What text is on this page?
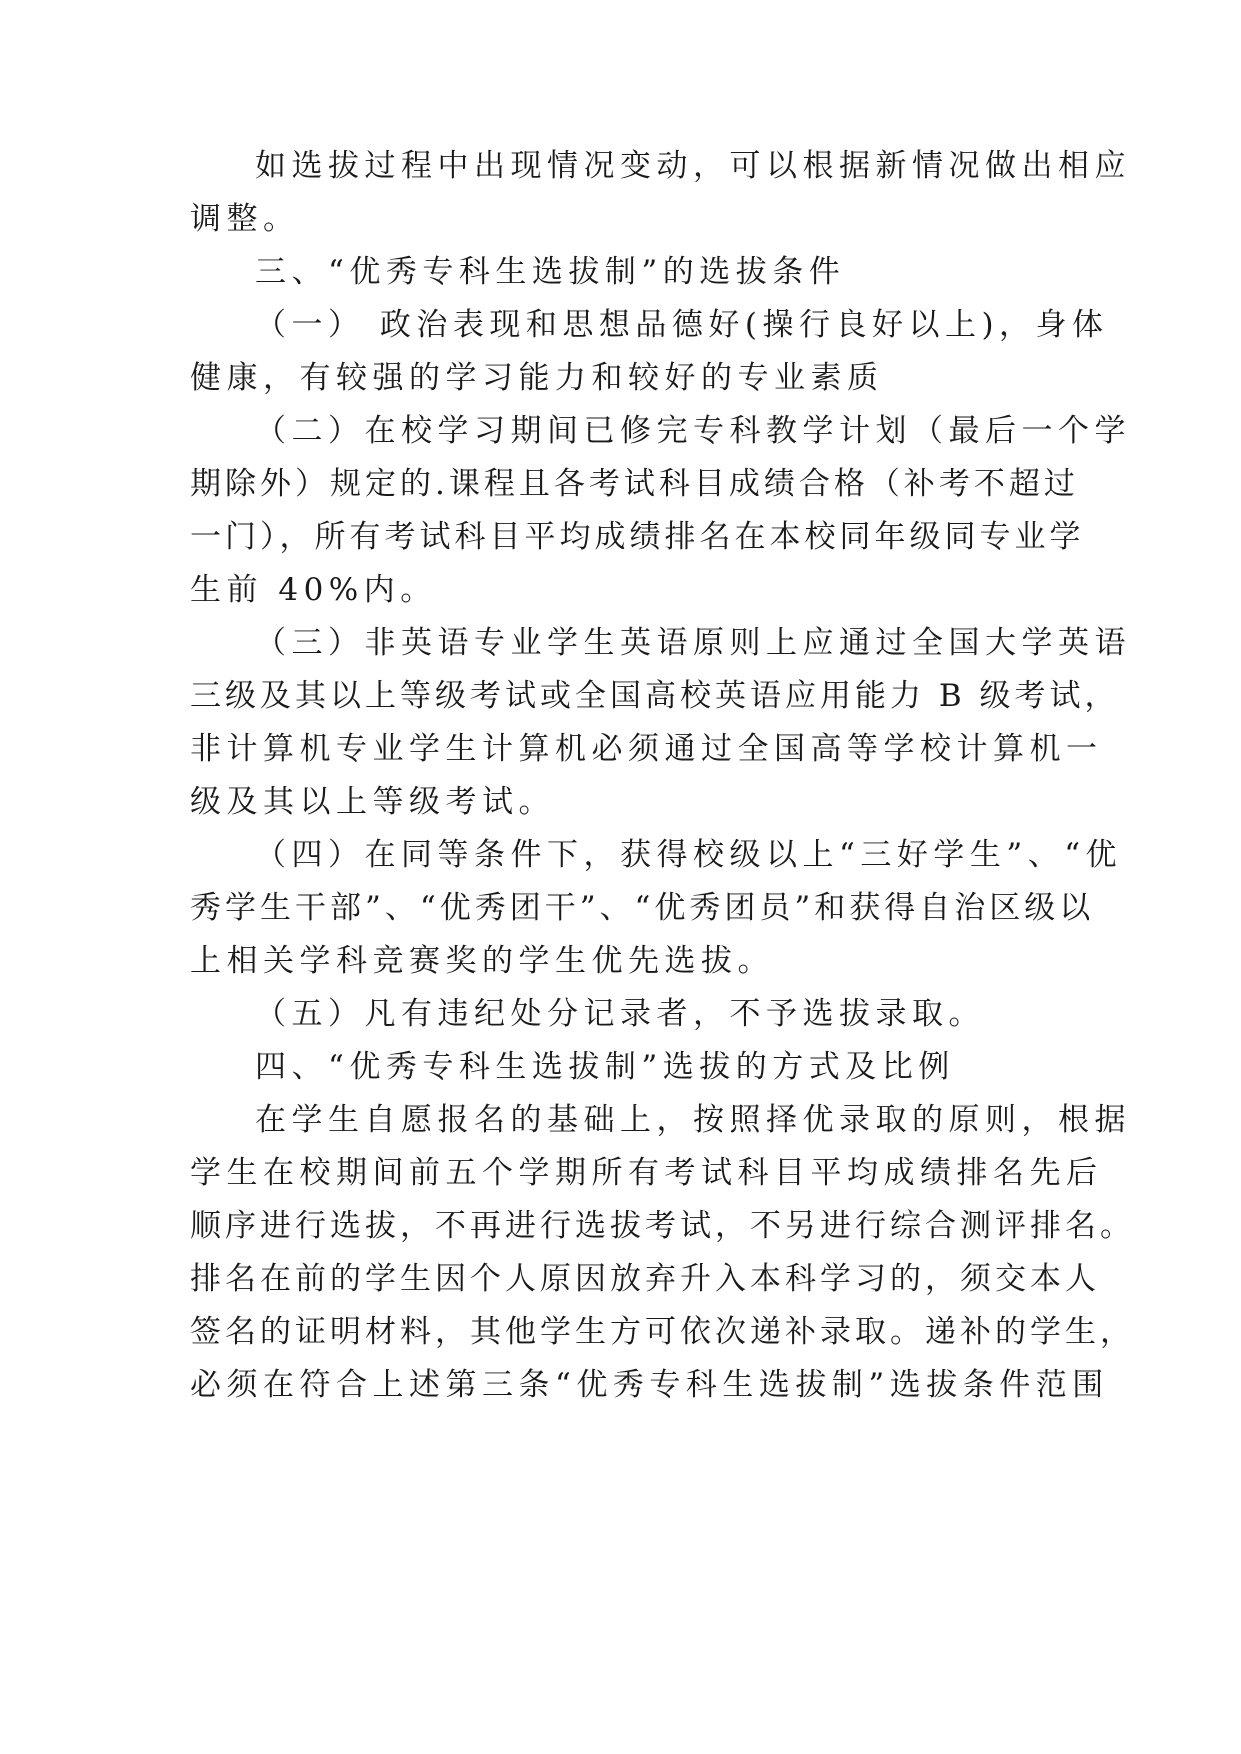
如选拔过程中出现情况变动，可以根据新情况做出相应
调整。
三、“优秀专科生选拔制”的选拔条件
（一） 政治表现和思想品德好(操行良好以上)，身体
健康，有较强的学习能力和较好的专业素质
（二）在校学习期间已修完专科教学计划（最后一个学
期除外）规定的.课程且各考试科目成绩合格（补考不超过
一门），所有考试科目平均成绩排名在本校同年级同专业学
生前 40%内。
（三）非英语专业学生英语原则上应通过全国大学英语
三级及其以上等级考试或全国高校英语应用能力 B 级考试，
非计算机专业学生计算机必须通过全国高等学校计算机一
级及其以上等级考试。
（四）在同等条件下，获得校级以上“三好学生”、“优
秀学生干部”、“优秀团干”、“优秀团员”和获得自治区级以
上相关学科竞赛奖的学生优先选拔。
（五）凡有违纪处分记录者，不予选拔录取。
四、“优秀专科生选拔制”选拔的方式及比例
在学生自愿报名的基础上，按照择优录取的原则，根据
学生在校期间前五个学期所有考试科目平均成绩排名先后
顺序进行选拔，不再进行选拔考试，不另进行综合测评排名。
排名在前的学生因个人原因放弃升入本科学习的，须交本人
签名的证明材料，其他学生方可依次递补录取。递补的学生，
必须在符合上述第三条“优秀专科生选拔制”选拔条件范围
